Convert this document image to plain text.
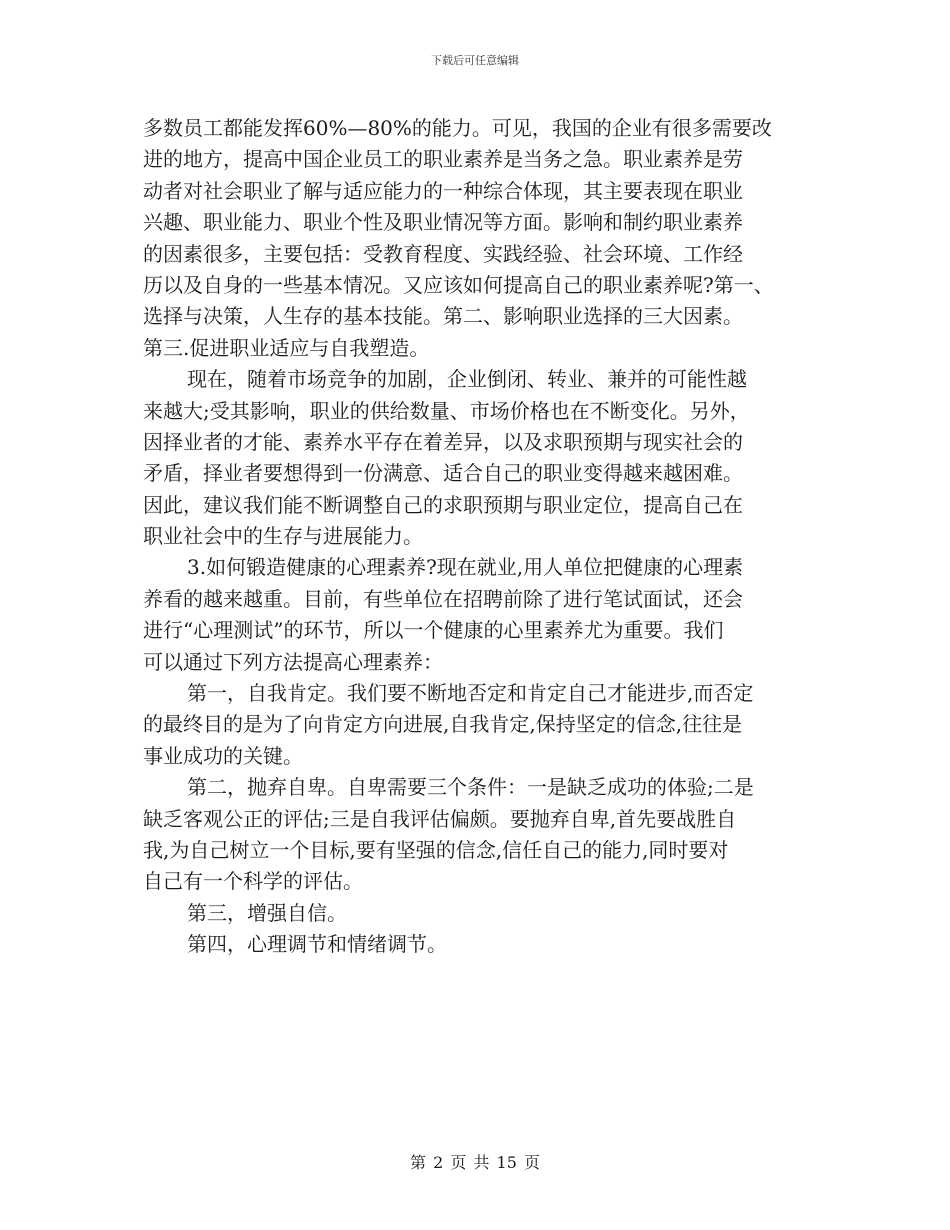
下载后可任意编辑
多数员工都能发挥60%—80%的能力。可见，我国的企业有很多需要改
进的地方，提高中国企业员工的职业素养是当务之急。职业素养是劳
动者对社会职业了解与适应能力的一种综合体现，其主要表现在职业
兴趣、职业能力、职业个性及职业情况等方面。影响和制约职业素养
的因素很多，主要包括：受教育程度、实践经验、社会环境、工作经
历以及自身的一些基本情况。又应该如何提高自己的职业素养呢?第一、
选择与决策，人生存的基本技能。第二、影响职业选择的三大因素。
第三.促进职业适应与自我塑造。
现在，随着市场竞争的加剧，企业倒闭、转业、兼并的可能性越
来越大;受其影响，职业的供给数量、市场价格也在不断变化。另外，
因择业者的才能、素养水平存在着差异，以及求职预期与现实社会的
矛盾，择业者要想得到一份满意、适合自己的职业变得越来越困难。
因此，建议我们能不断调整自己的求职预期与职业定位，提高自己在
职业社会中的生存与进展能力。
3.如何锻造健康的心理素养?现在就业,用人单位把健康的心理素
养看的越来越重。目前，有些单位在招聘前除了进行笔试面试，还会
进行“心理测试”的环节，所以一个健康的心里素养尤为重要。我们
可以通过下列方法提高心理素养：
第一，自我肯定。我们要不断地否定和肯定自己才能进步,而否定
的最终目的是为了向肯定方向进展,自我肯定,保持坚定的信念,往往是
事业成功的关键。
第二，抛弃自卑。自卑需要三个条件：一是缺乏成功的体验;二是
缺乏客观公正的评估;三是自我评估偏颇。要抛弃自卑,首先要战胜自
我,为自己树立一个目标,要有坚强的信念,信任自己的能力,同时要对
自己有一个科学的评估。
第三，增强自信。
第四，心理调节和情绪调节。
第 2 页 共 15 页
